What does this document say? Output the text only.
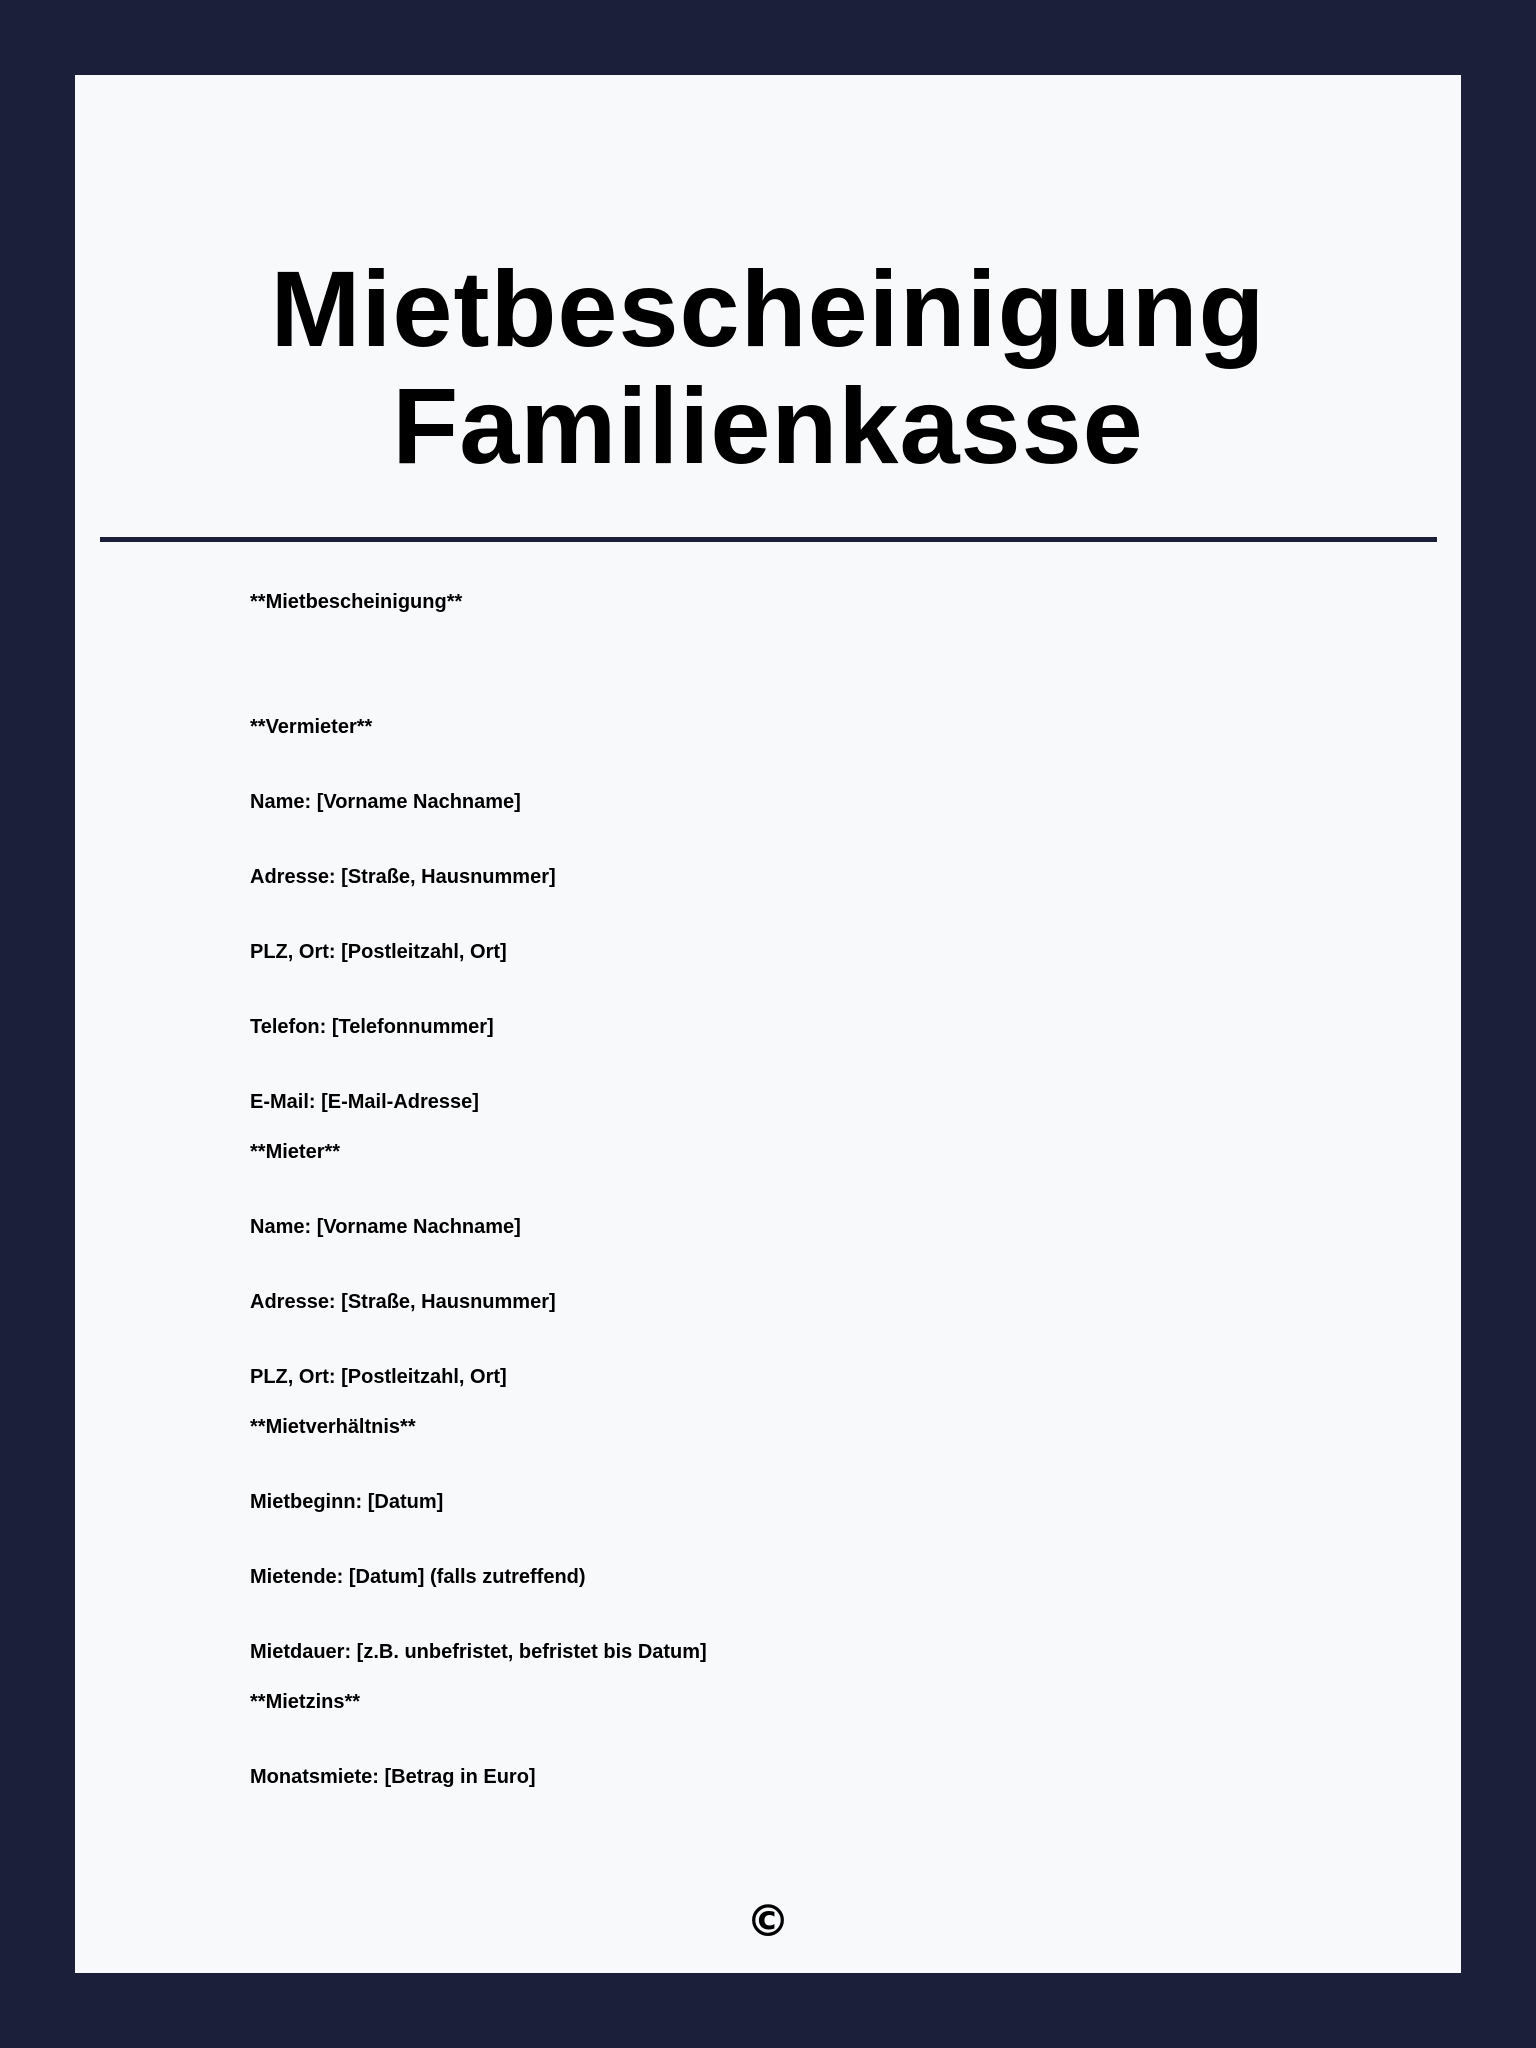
Mietbescheinigung
Familienkasse
**Mietbescheinigung**
**Vermieter**
Name: [Vorname Nachname]
Adresse: [Straße, Hausnummer]
PLZ, Ort: [Postleitzahl, Ort]
Telefon: [Telefonnummer]
E-Mail: [E-Mail-Adresse]
**Mieter**
Name: [Vorname Nachname]
Adresse: [Straße, Hausnummer]
PLZ, Ort: [Postleitzahl, Ort]
**Mietverhältnis**
Mietbeginn: [Datum]
Mietende: [Datum] (falls zutreffend)
Mietdauer: [z.B. unbefristet, befristet bis Datum]
**Mietzins**
Monatsmiete: [Betrag in Euro]
©
